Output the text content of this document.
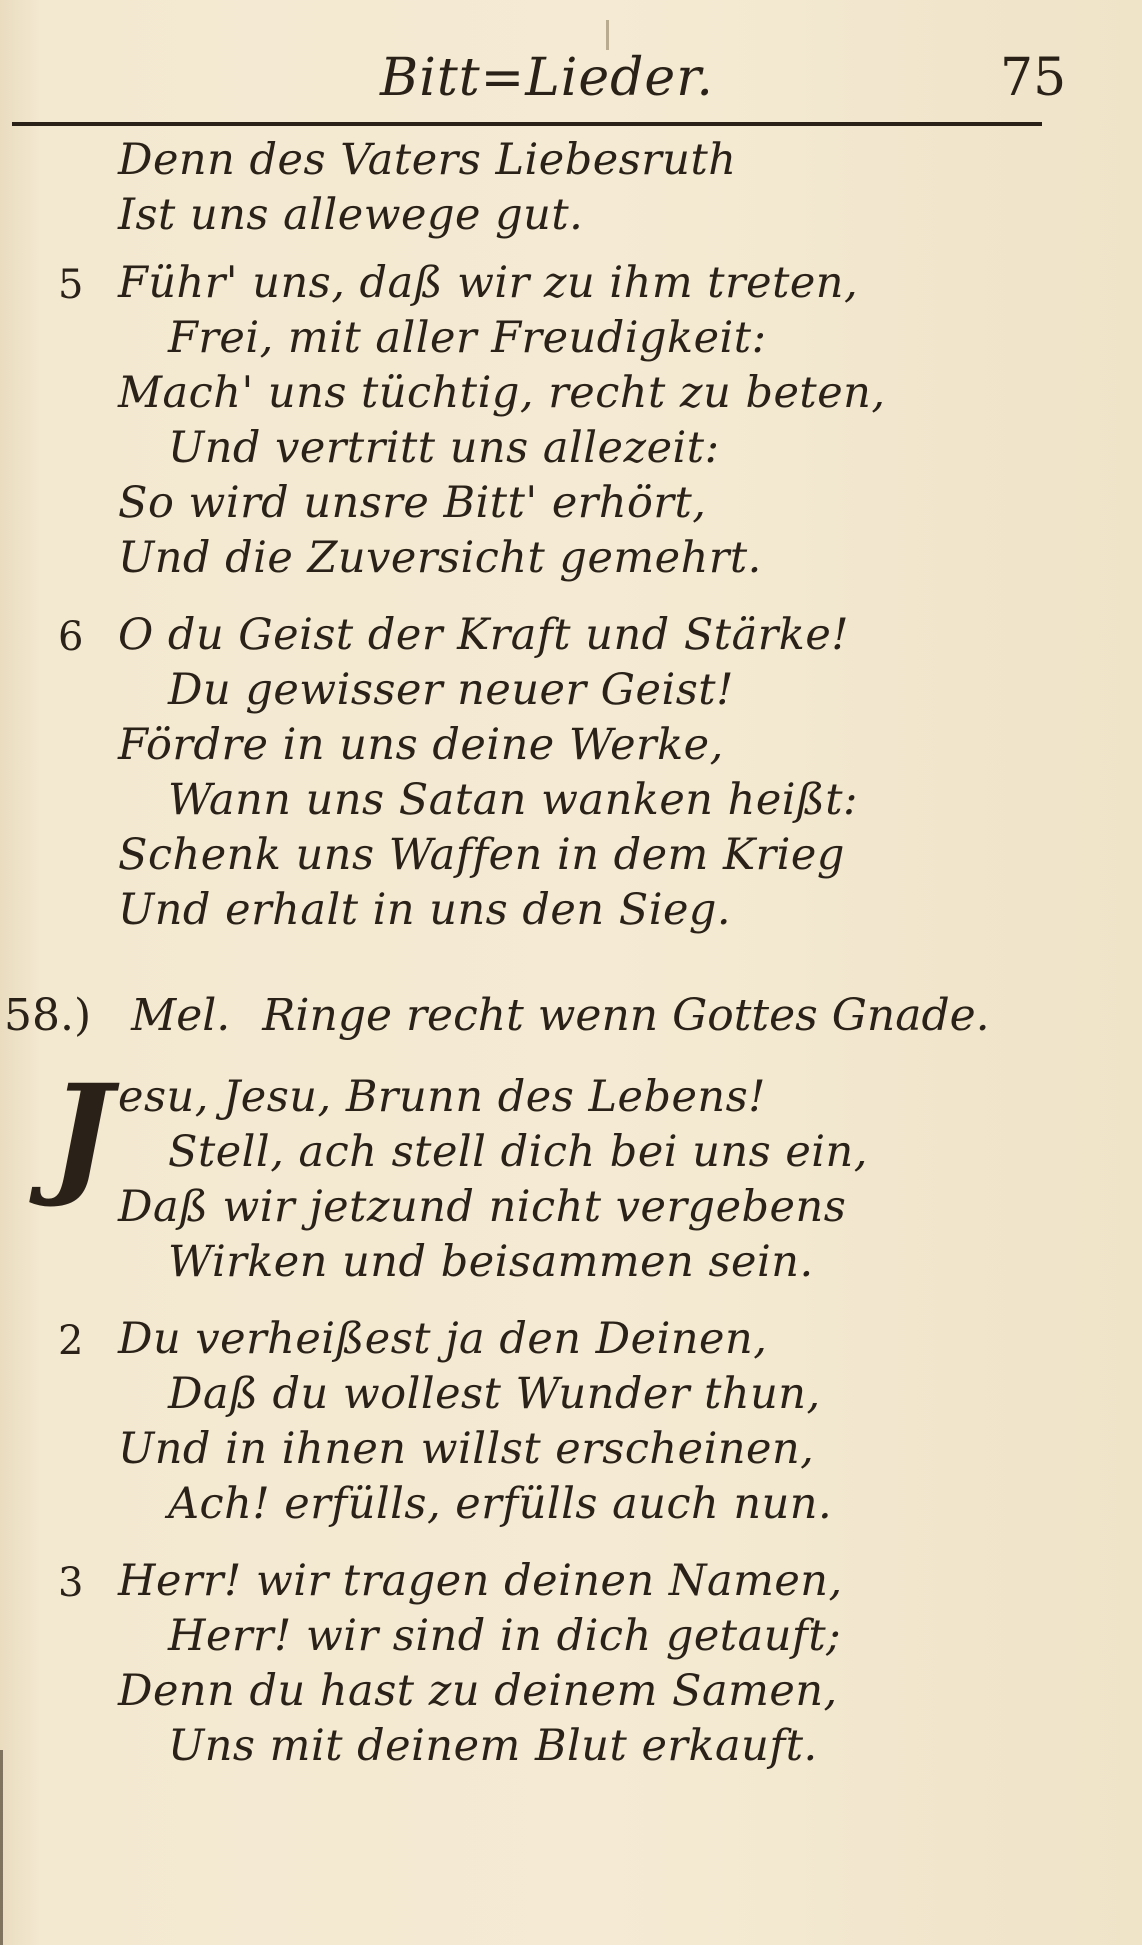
Bitt=Lieder.	75
Denn des Vaters Liebesruth
Ist uns allewege gut.
5 Führ' uns, daß wir zu ihm treten,
Frei, mit aller Freudigkeit:
Mach' uns tüchtig, recht zu beten,
Und vertritt uns allezeit:
So wird unsre Bitt' erhört,
Und die Zuversicht gemehrt.
6 O du Geist der Kraft und Stärke!
Du gewisser neuer Geist!
Fördre in uns deine Werke,
Wann uns Satan wanken heißt:
Schenk uns Waffen in dem Krieg
Und erhalt in uns den Sieg.
58.) Mel. Ringe recht wenn Gottes Gnade.
J esu, Jesu, Brunn des Lebens!
Stell, ach stell dich bei uns ein,
Daß wir jetzund nicht vergebens
Wirken und beisammen sein.
2 Du verheißest ja den Deinen,
Daß du wollest Wunder thun,
Und in ihnen willst erscheinen,
Ach! erfülls, erfülls auch nun.
3 Herr! wir tragen deinen Namen,
Herr! wir sind in dich getauft;
Denn du hast zu deinem Samen,
Uns mit deinem Blut erkauft.
